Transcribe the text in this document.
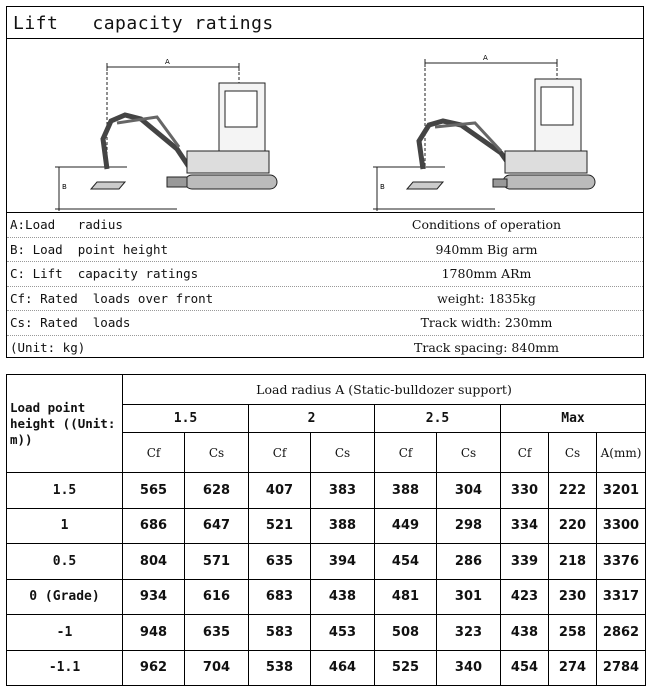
Lift   capacity ratings
A
B
A
B
A:Load   radius	Conditions of operation
B: Load  point height	940mm Big arm
C: Lift  capacity ratings	1780mm ARm
Cf: Rated  loads over front	weight: 1835kg
Cs: Rated  loads	Track width: 230mm
(Unit: kg)	Track spacing: 840mm
Load point height ((Unit: m))	Load radius A (Static-bulldozer support)								
	1.5		2		2.5		Max		
	Cf	Cs	Cf	Cs	Cf	Cs	Cf	Cs	A(mm)
1.5	565	628	407	383	388	304	330	222	3201
1	686	647	521	388	449	298	334	220	3300
0.5	804	571	635	394	454	286	339	218	3376
0 (Grade)	934	616	683	438	481	301	423	230	3317
-1	948	635	583	453	508	323	438	258	2862
-1.1	962	704	538	464	525	340	454	274	2784
